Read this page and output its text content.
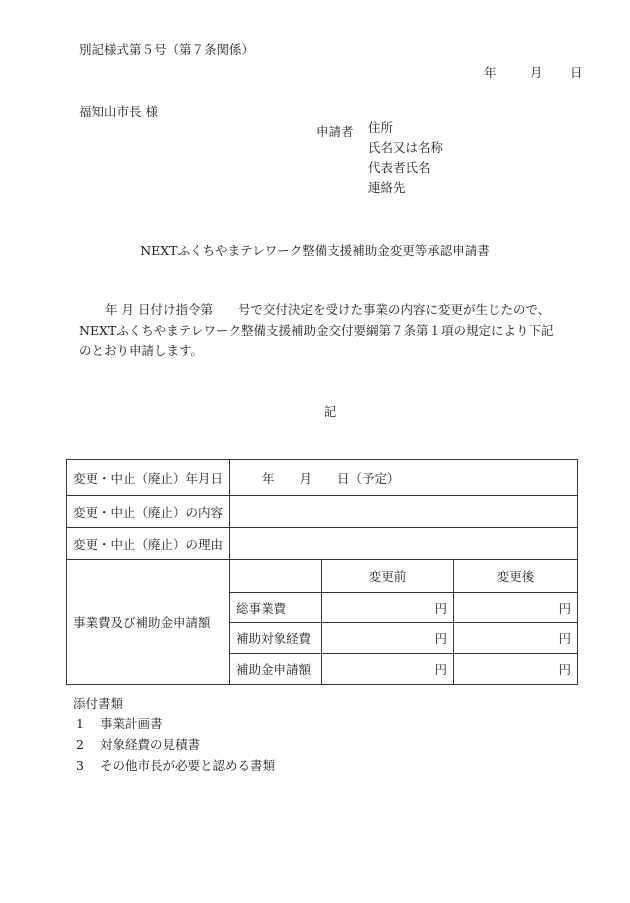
別記様式第５号（第７条関係）
年	月 日
福知山市長 様
申請者 住所
氏名又は名称
代表者氏名
連絡先
NEXTふくちやまテレワーク整備支援補助金変更等承認申請書
年 月 日付け指令第　　号で交付決定を受けた事業の内容に変更が生じたので、
NEXTふくちやまテレワーク整備支援補助金交付要綱第７条第１項の規定により下記
のとおり申請します。
記
変更・中止（廃止）年月日	年　　月　　日（予定）		
変更・中止（廃止）の内容			
変更・中止（廃止）の理由			
事業費及び補助金申請額		変更前	変更後
	総事業費	円	円
	補助対象経費	円	円
	補助金申請額	円	円
添付書類
1 事業計画書
2 対象経費の見積書
3 その他市長が必要と認める書類
